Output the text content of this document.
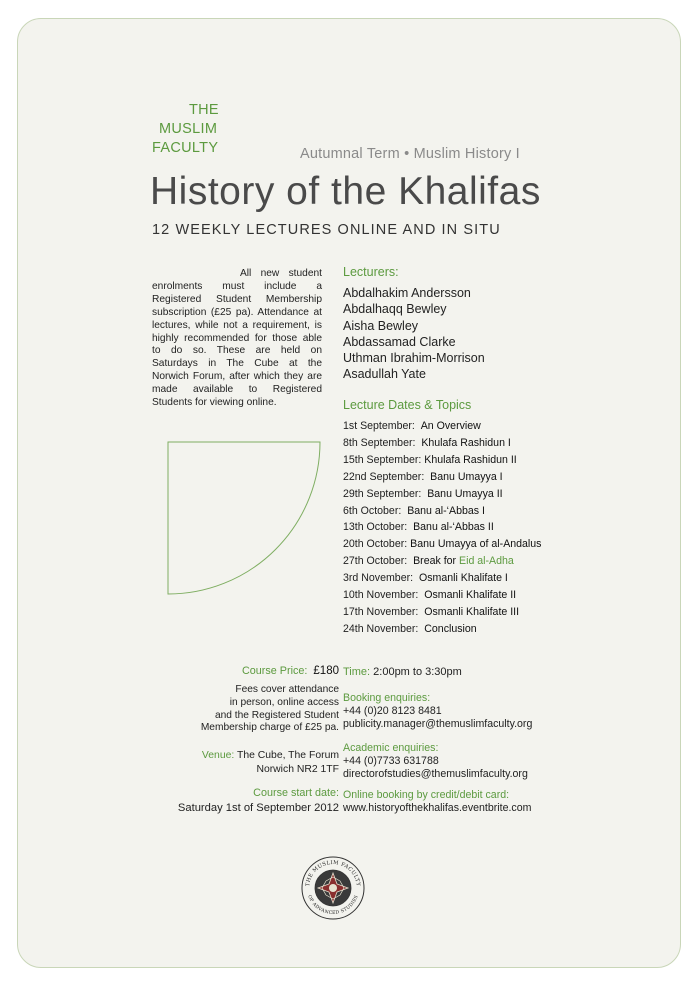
THE
MUSLIM
FACULTY	Autumnal Term • Muslim History I
History of the Khalifas
12 WEEKLY LECTURES ONLINE AND IN SITU
All new student enrolments must include a Registered Student Membership subscription (£25 pa). Attendance at lectures, while not a requirement, is highly recommended for those able to do so. These are held on Saturdays in The Cube at the Norwich Forum, after which they are made available to Registered Students for viewing online.
Lecturers:
Abdalhakim Andersson
Abdalhaqq Bewley
Aisha Bewley
Abdassamad Clarke
Uthman Ibrahim-Morrison
Asadullah Yate
Lecture Dates & Topics
1st September: An Overview
8th September: Khulafa Rashidun I
15th September: Khulafa Rashidun II
22nd September: Banu Umayya I
29th September: Banu Umayya II
6th October: Banu al-‘Abbas I
13th October: Banu al-‘Abbas II
20th October: Banu Umayya of al-Andalus
27th October: Break for Eid al-Adha
3rd November: Osmanli Khalifate I
10th November: Osmanli Khalifate II
17th November: Osmanli Khalifate III
24th November: Conclusion
Course Price: £180
Fees cover attendance
in person, online access
and the Registered Student
Membership charge of £25 pa.
Venue: The Cube, The Forum
Norwich NR2 1TF
Course start date:
Saturday 1st of September 2012
Time: 2:00pm to 3:30pm
Booking enquiries:
+44 (0)20 8123 8481
publicity.manager@themuslimfaculty.org
Academic enquiries:
+44 (0)7733 631788
directorofstudies@themuslimfaculty.org
Online booking by credit/debit card:
www.historyofthekhalifas.eventbrite.com
THE MUSLIM FACULTY
OF ADVANCED STUDIES
